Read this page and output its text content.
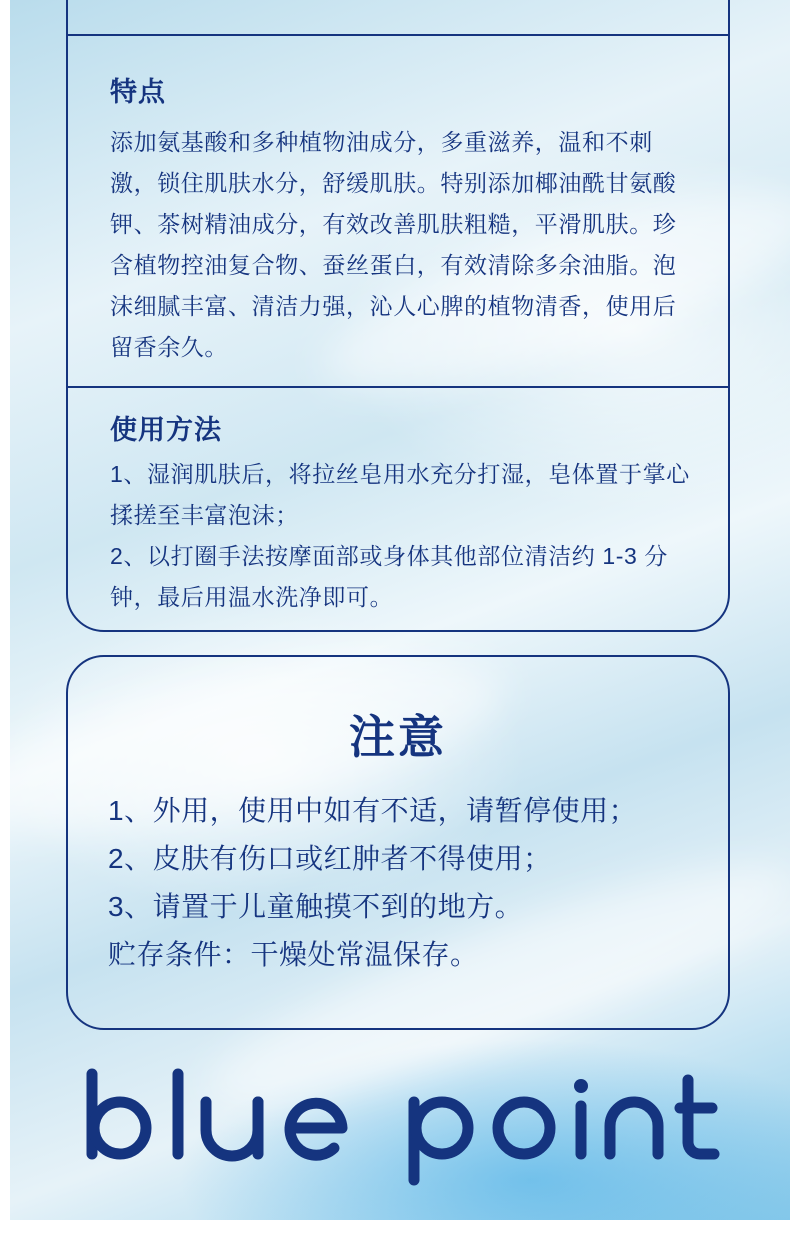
特点

添加氨基酸和多种植物油成分，多重滋养，温和不刺激，锁住肌肤水分，舒缓肌肤。特别添加椰油酰甘氨酸钾、茶树精油成分，有效改善肌肤粗糙，平滑肌肤。珍含植物控油复合物、蚕丝蛋白，有效清除多余油脂。泡沫细腻丰富、清洁力强，沁人心脾的植物清香，使用后留香余久。

使用方法

1、湿润肌肤后，将拉丝皂用水充分打湿，皂体置于掌心揉搓至丰富泡沫；

2、以打圈手法按摩面部或身体其他部位清洁约 1-3 分钟，最后用温水洗净即可。

注意
1、外用，使用中如有不适，请暂停使用；
2、皮肤有伤口或红肿者不得使用；
3、请置于儿童触摸不到的地方。

贮存条件：干燥处常温保存。
